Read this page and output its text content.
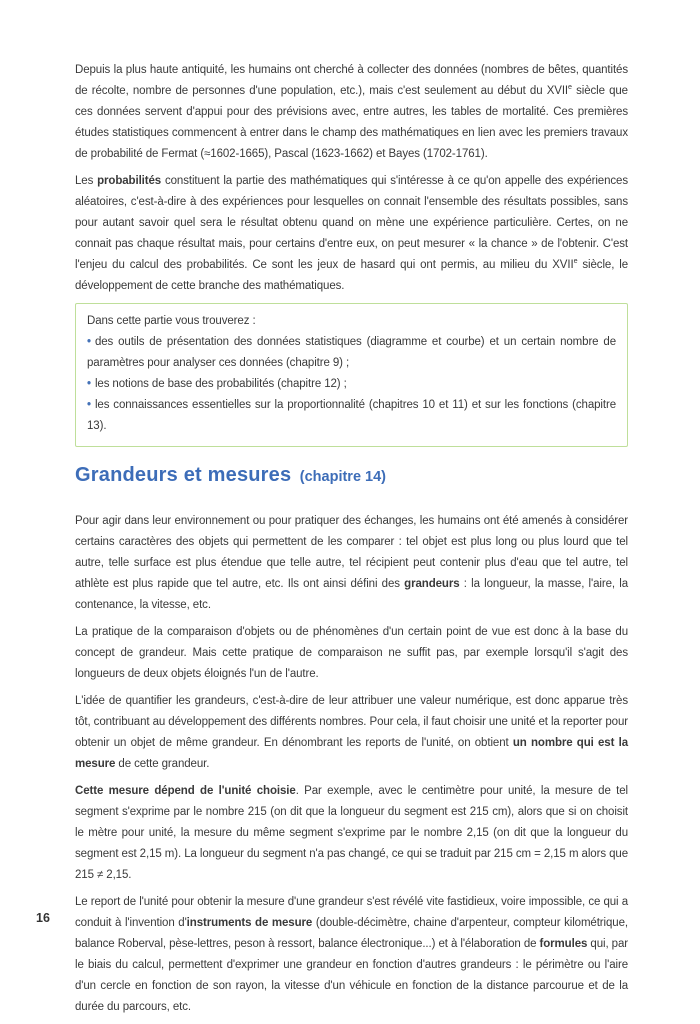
Depuis la plus haute antiquité, les humains ont cherché à collecter des données (nombres de bêtes, quantités de récolte, nombre de personnes d'une population, etc.), mais c'est seulement au début du XVIIe siècle que ces données servent d'appui pour des prévisions avec, entre autres, les tables de mortalité. Ces premières études statistiques commencent à entrer dans le champ des mathématiques en lien avec les premiers travaux de probabilité de Fermat (≈1602-1665), Pascal (1623-1662) et Bayes (1702-1761).

Les probabilités constituent la partie des mathématiques qui s'intéresse à ce qu'on appelle des expériences aléatoires, c'est-à-dire à des expériences pour lesquelles on connait l'ensemble des résultats possibles, sans pour autant savoir quel sera le résultat obtenu quand on mène une expérience particulière. Certes, on ne connait pas chaque résultat mais, pour certains d'entre eux, on peut mesurer « la chance » de l'obtenir. C'est l'enjeu du calcul des probabilités. Ce sont les jeux de hasard qui ont permis, au milieu du XVIIe siècle, le développement de cette branche des mathématiques.

Dans cette partie vous trouverez :

• des outils de présentation des données statistiques (diagramme et courbe) et un certain nombre de paramètres pour analyser ces données (chapitre 9) ;

• les notions de base des probabilités (chapitre 12) ;

• les connaissances essentielles sur la proportionnalité (chapitres 10 et 11) et sur les fonctions (chapitre 13).

Grandeurs et mesures (chapitre 14)

Pour agir dans leur environnement ou pour pratiquer des échanges, les humains ont été amenés à considérer certains caractères des objets qui permettent de les comparer : tel objet est plus long ou plus lourd que tel autre, telle surface est plus étendue que telle autre, tel récipient peut contenir plus d'eau que tel autre, tel athlète est plus rapide que tel autre, etc. Ils ont ainsi défini des grandeurs : la longueur, la masse, l'aire, la contenance, la vitesse, etc.

La pratique de la comparaison d'objets ou de phénomènes d'un certain point de vue est donc à la base du concept de grandeur. Mais cette pratique de comparaison ne suffit pas, par exemple lorsqu'il s'agit des longueurs de deux objets éloignés l'un de l'autre.

L'idée de quantifier les grandeurs, c'est-à-dire de leur attribuer une valeur numérique, est donc apparue très tôt, contribuant au développement des différents nombres. Pour cela, il faut choisir une unité et la reporter pour obtenir un objet de même grandeur. En dénombrant les reports de l'unité, on obtient un nombre qui est la mesure de cette grandeur.

Cette mesure dépend de l'unité choisie. Par exemple, avec le centimètre pour unité, la mesure de tel segment s'exprime par le nombre 215 (on dit que la longueur du segment est 215 cm), alors que si on choisit le mètre pour unité, la mesure du même segment s'exprime par le nombre 2,15 (on dit que la longueur du segment est 2,15 m). La longueur du segment n'a pas changé, ce qui se traduit par 215 cm = 2,15 m alors que 215 ≠ 2,15.

Le report de l'unité pour obtenir la mesure d'une grandeur s'est révélé vite fastidieux, voire impossible, ce qui a conduit à l'invention d'instruments de mesure (double-décimètre, chaine d'arpenteur, compteur kilométrique, balance Roberval, pèse-lettres, peson à ressort, balance électronique...) et à l'élaboration de formules qui, par le biais du calcul, permettent d'exprimer une grandeur en fonction d'autres grandeurs : le périmètre ou l'aire d'un cercle en fonction de son rayon, la vitesse d'un véhicule en fonction de la distance parcourue et de la durée du parcours, etc.

16
